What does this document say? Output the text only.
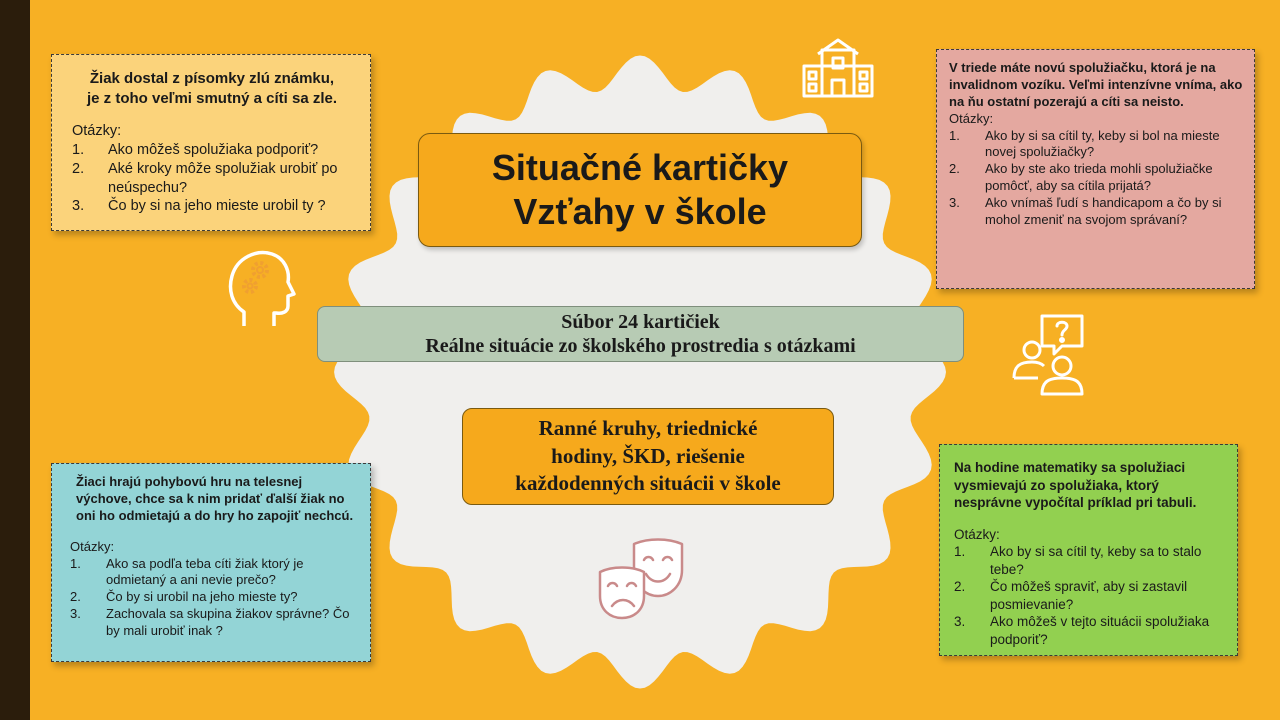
Žiak dostal z písomky zlú známku,
je z toho veľmi smutný a cíti sa zle.
Otázky:
1. Ako môžeš spolužiaka podporiť?
2. Aké kroky môže spolužiak urobiť po neúspechu?
3. Čo by si na jeho mieste urobil ty ?
V triede máte novú spolužiačku, ktorá je na invalidnom vozíku. Veľmi intenzívne vníma, ako na ňu ostatní pozerajú a cíti sa neisto.
Otázky:
1. Ako by si sa cítil ty, keby si bol na mieste novej spolužiačky?
2. Ako by ste ako trieda mohli spolužiačke pomôcť, aby sa cítila prijatá?
3. Ako vnímaš ľudí s handicapom a čo by si mohol zmeniť na svojom správaní?
Žiaci hrajú pohybovú hru na telesnej výchove, chce sa k nim pridať ďalší žiak no oni ho odmietajú a do hry ho zapojiť nechcú.
Otázky:
1. Ako sa podľa teba cíti žiak ktorý je odmietaný a ani nevie prečo?
2. Čo by si urobil na jeho mieste ty?
3. Zachovala sa skupina žiakov správne? Čo by mali urobiť inak ?
Na hodine matematiky sa spolužiaci vysmievajú zo spolužiaka, ktorý nesprávne vypočítal príklad pri tabuli.
Otázky:
1. Ako by si sa cítil ty, keby sa to stalo tebe?
2. Čo môžeš spraviť, aby si zastavil posmievanie?
3. Ako môžeš v tejto situácii spolužiaka podporiť?
Situačné kartičky
Vzťahy v škole
Súbor 24 kartičiek
Reálne situácie zo školského prostredia s otázkami
Ranné kruhy, triednické
hodiny, ŠKD, riešenie
každodenných situácii v škole
